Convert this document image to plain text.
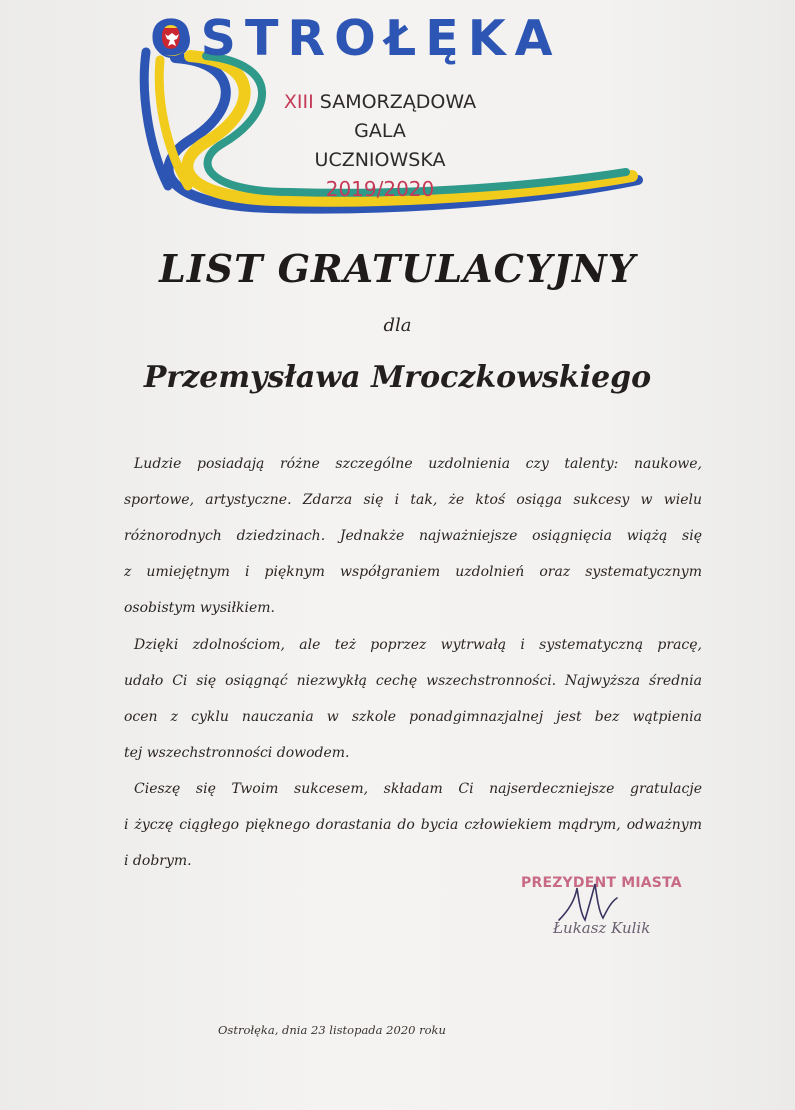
OSTROŁĘKA
XIII SAMORZĄDOWA
GALA
UCZNIOWSKA
2019/2020
LIST GRATULACYJNY
dla
Przemysława Mroczkowskiego
Ludzie posiadają różne szczególne uzdolnienia czy talenty: naukowe,
sportowe, artystyczne. Zdarza się i tak, że ktoś osiąga sukcesy w wielu
różnorodnych dziedzinach. Jednakże najważniejsze osiągnięcia wiążą się
z umiejętnym i pięknym współgraniem uzdolnień oraz systematycznym
osobistym wysiłkiem.
Dzięki zdolnościom, ale też poprzez wytrwałą i systematyczną pracę,
udało Ci się osiągnąć niezwykłą cechę wszechstronności. Najwyższa średnia
ocen z cyklu nauczania w szkole ponadgimnazjalnej jest bez wątpienia
tej wszechstronności dowodem.
Cieszę się Twoim sukcesem, składam Ci najserdeczniejsze gratulacje
i życzę ciągłego pięknego dorastania do bycia człowiekiem mądrym, odważnym
i dobrym.
PREZYDENT MIASTA
Łukasz Kulik
Ostrołęka, dnia 23 listopada 2020 roku
